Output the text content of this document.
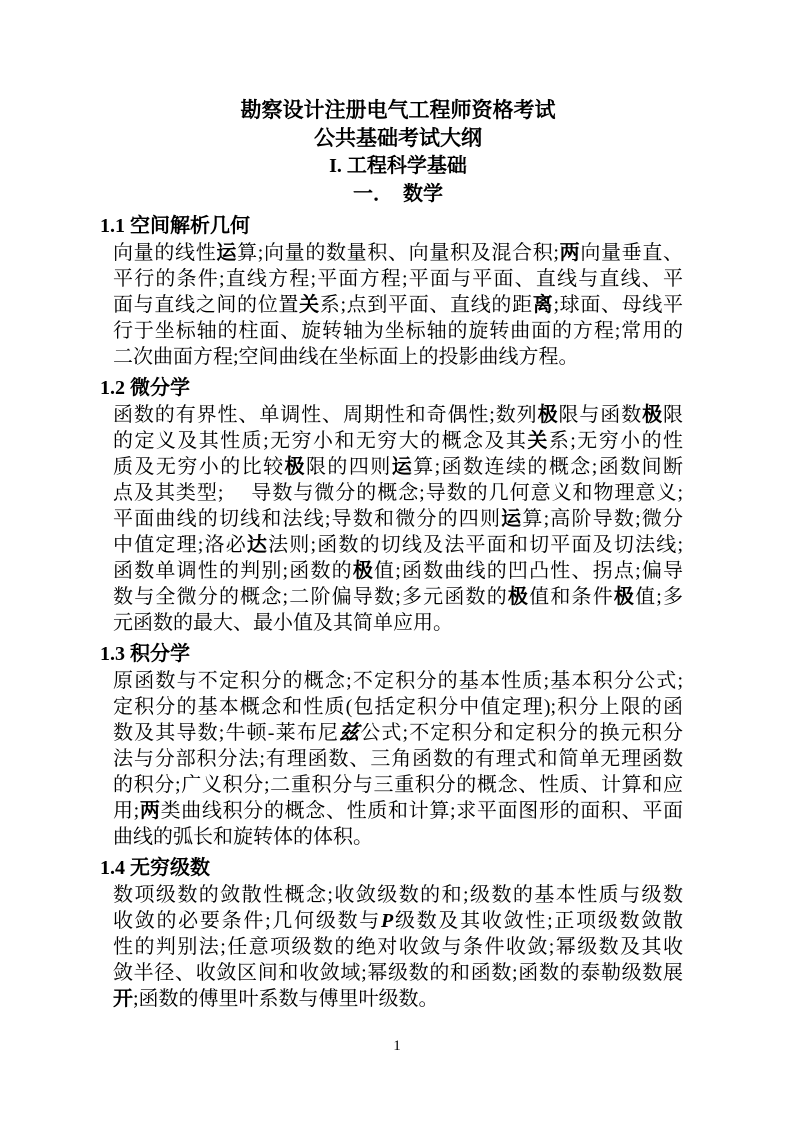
勘察设计注册电气工程师资格考试
公共基础考试大纲
I. 工程科学基础
一．　数学
1.1 空间解析几何
向量的线性运算;向量的数量积、向量积及混合积;两向量垂直、
平行的条件;直线方程;平面方程;平面与平面、直线与直线、平
面与直线之间的位置关系;点到平面、直线的距离;球面、母线平
行于坐标轴的柱面、旋转轴为坐标轴的旋转曲面的方程;常用的
二次曲面方程;空间曲线在坐标面上的投影曲线方程。
1.2 微分学
函数的有界性、单调性、周期性和奇偶性;数列极限与函数极限
的定义及其性质;无穷小和无穷大的概念及其关系;无穷小的性
质及无穷小的比较极限的四则运算;函数连续的概念;函数间断
点及其类型;　 导数与微分的概念;导数的几何意义和物理意义;
平面曲线的切线和法线;导数和微分的四则运算;高阶导数;微分
中值定理;洛必达法则;函数的切线及法平面和切平面及切法线;
函数单调性的判别;函数的极值;函数曲线的凹凸性、拐点;偏导
数与全微分的概念;二阶偏导数;多元函数的极值和条件极值;多
元函数的最大、最小值及其简单应用。
1.3 积分学
原函数与不定积分的概念;不定积分的基本性质;基本积分公式;
定积分的基本概念和性质(包括定积分中值定理);积分上限的函
数及其导数;牛顿-莱布尼兹公式;不定积分和定积分的换元积分
法与分部积分法;有理函数、三角函数的有理式和简单无理函数
的积分;广义积分;二重积分与三重积分的概念、性质、计算和应
用;两类曲线积分的概念、性质和计算;求平面图形的面积、平面
曲线的弧长和旋转体的体积。
1.4 无穷级数
数项级数的敛散性概念;收敛级数的和;级数的基本性质与级数
收敛的必要条件;几何级数与P级数及其收敛性;正项级数敛散
性的判别法;任意项级数的绝对收敛与条件收敛;幂级数及其收
敛半径、收敛区间和收敛域;幂级数的和函数;函数的泰勒级数展
开;函数的傅里叶系数与傅里叶级数。
1
